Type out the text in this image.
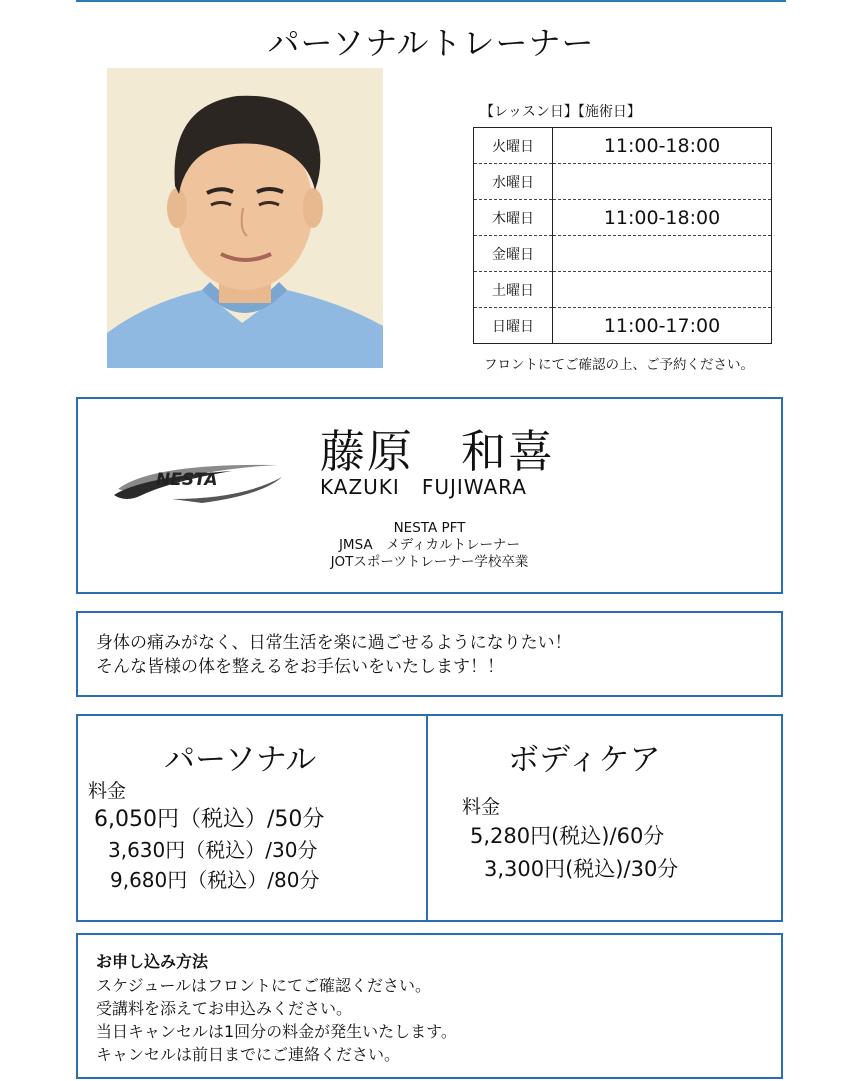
パーソナルトレーナー
【レッスン日】【施術日】
火曜日	11:00-18:00
水曜日	
木曜日	11:00-18:00
金曜日	
土曜日	
日曜日	11:00-17:00
フロントにてご確認の上、ご予約ください。
NESTA
藤原　和喜
KAZUKI   FUJIWARA
NESTA PFT
JMSA　メディカルトレーナー
JOTスポーツトレーナー学校卒業
身体の痛みがなく、日常生活を楽に過ごせるようになりたい！
そんな皆様の体を整えるをお手伝いをいたします！！
パーソナル
料金
6,050円（税込）/50分
3,630円（税込）/30分
9,680円（税込）/80分
ボディケア
料金
5,280円(税込)/60分
3,300円(税込)/30分
お申し込み方法
スケジュールはフロントにてご確認ください。
受講料を添えてお申込みください。
当日キャンセルは1回分の料金が発生いたします。
キャンセルは前日までにご連絡ください。
